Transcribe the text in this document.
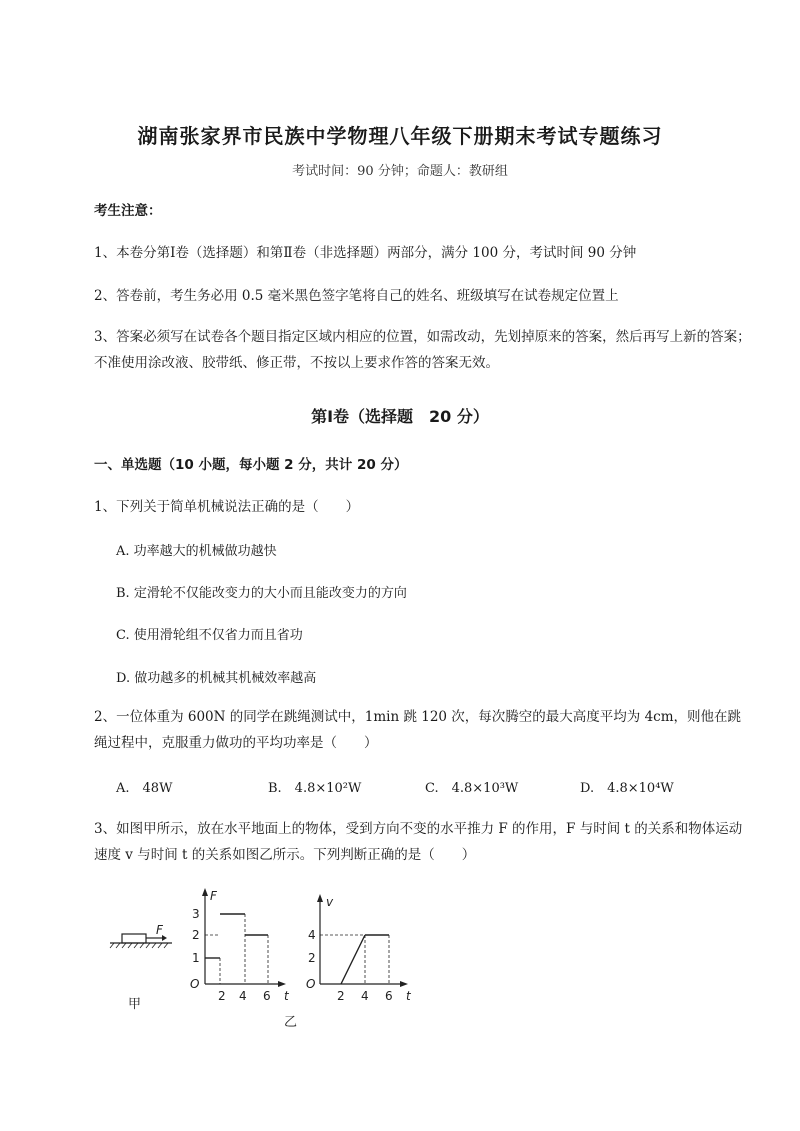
湖南张家界市民族中学物理八年级下册期末考试专题练习
考试时间：90 分钟；命题人：教研组
考生注意：
1、本卷分第Ⅰ卷（选择题）和第Ⅱ卷（非选择题）两部分，满分 100 分，考试时间 90 分钟
2、答卷前，考生务必用 0.5 毫米黑色签字笔将自己的姓名、班级填写在试卷规定位置上
3、答案必须写在试卷各个题目指定区域内相应的位置，如需改动，先划掉原来的答案，然后再写上新的答案；不准使用涂改液、胶带纸、修正带，不按以上要求作答的答案无效。
第Ⅰ卷（选择题　20 分）
一、单选题（10 小题，每小题 2 分，共计 20 分）
1、下列关于简单机械说法正确的是（　　）
A. 功率越大的机械做功越快
B. 定滑轮不仅能改变力的大小而且能改变力的方向
C. 使用滑轮组不仅省力而且省功
D. 做功越多的机械其机械效率越高
2、一位体重为 600N 的同学在跳绳测试中，1min 跳 120 次，每次腾空的最大高度平均为 4cm，则他在跳绳过程中，克服重力做功的平均功率是（　　）
A.　48W	B.　4.8×10²W	C.　4.8×10³W	D.　4.8×10⁴W
3、如图甲所示，放在水平地面上的物体，受到方向不变的水平推力 F 的作用，F 与时间 t 的关系和物体运动速度 v 与时间 t 的关系如图乙所示。下列判断正确的是（　　）
F
甲
F
t
O
1
2
3
2 4 6
乙
v
t
O
2
4
2 4 6
